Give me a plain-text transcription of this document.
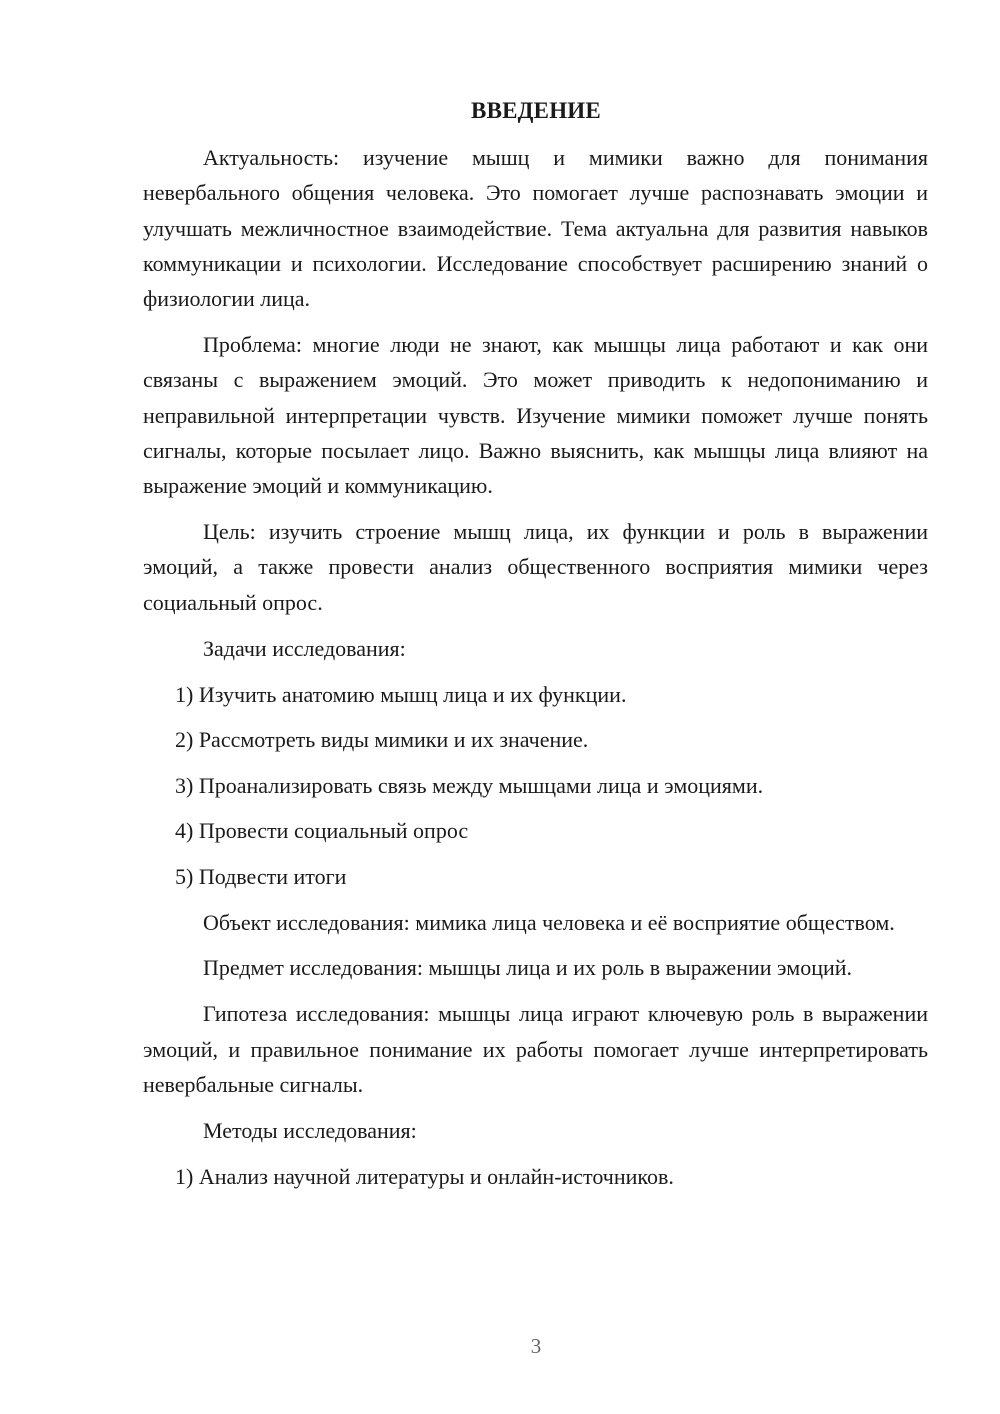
ВВЕДЕНИЕ

Актуальность: изучение мышц и мимики важно для понимания невербального общения человека. Это помогает лучше распознавать эмоции и улучшать межличностное взаимодействие. Тема актуальна для развития навыков коммуникации и психологии. Исследование способствует расширению знаний о физиологии лица.

Проблема: многие люди не знают, как мышцы лица работают и как они связаны с выражением эмоций. Это может приводить к недопониманию и неправильной интерпретации чувств. Изучение мимики поможет лучше понять сигналы, которые посылает лицо. Важно выяснить, как мышцы лица влияют на выражение эмоций и коммуникацию.

Цель: изучить строение мышц лица, их функции и роль в выражении эмоций, а также провести анализ общественного восприятия мимики через социальный опрос.

Задачи исследования:

1) Изучить анатомию мышц лица и их функции.
2) Рассмотреть виды мимики и их значение.
3) Проанализировать связь между мышцами лица и эмоциями.
4) Провести социальный опрос
5) Подвести итоги

Объект исследования: мимика лица человека и её восприятие обществом.

Предмет исследования: мышцы лица и их роль в выражении эмоций.

Гипотеза исследования: мышцы лица играют ключевую роль в выражении эмоций, и правильное понимание их работы помогает лучше интерпретировать невербальные сигналы.

Методы исследования:

1) Анализ научной литературы и онлайн-источников.
3
